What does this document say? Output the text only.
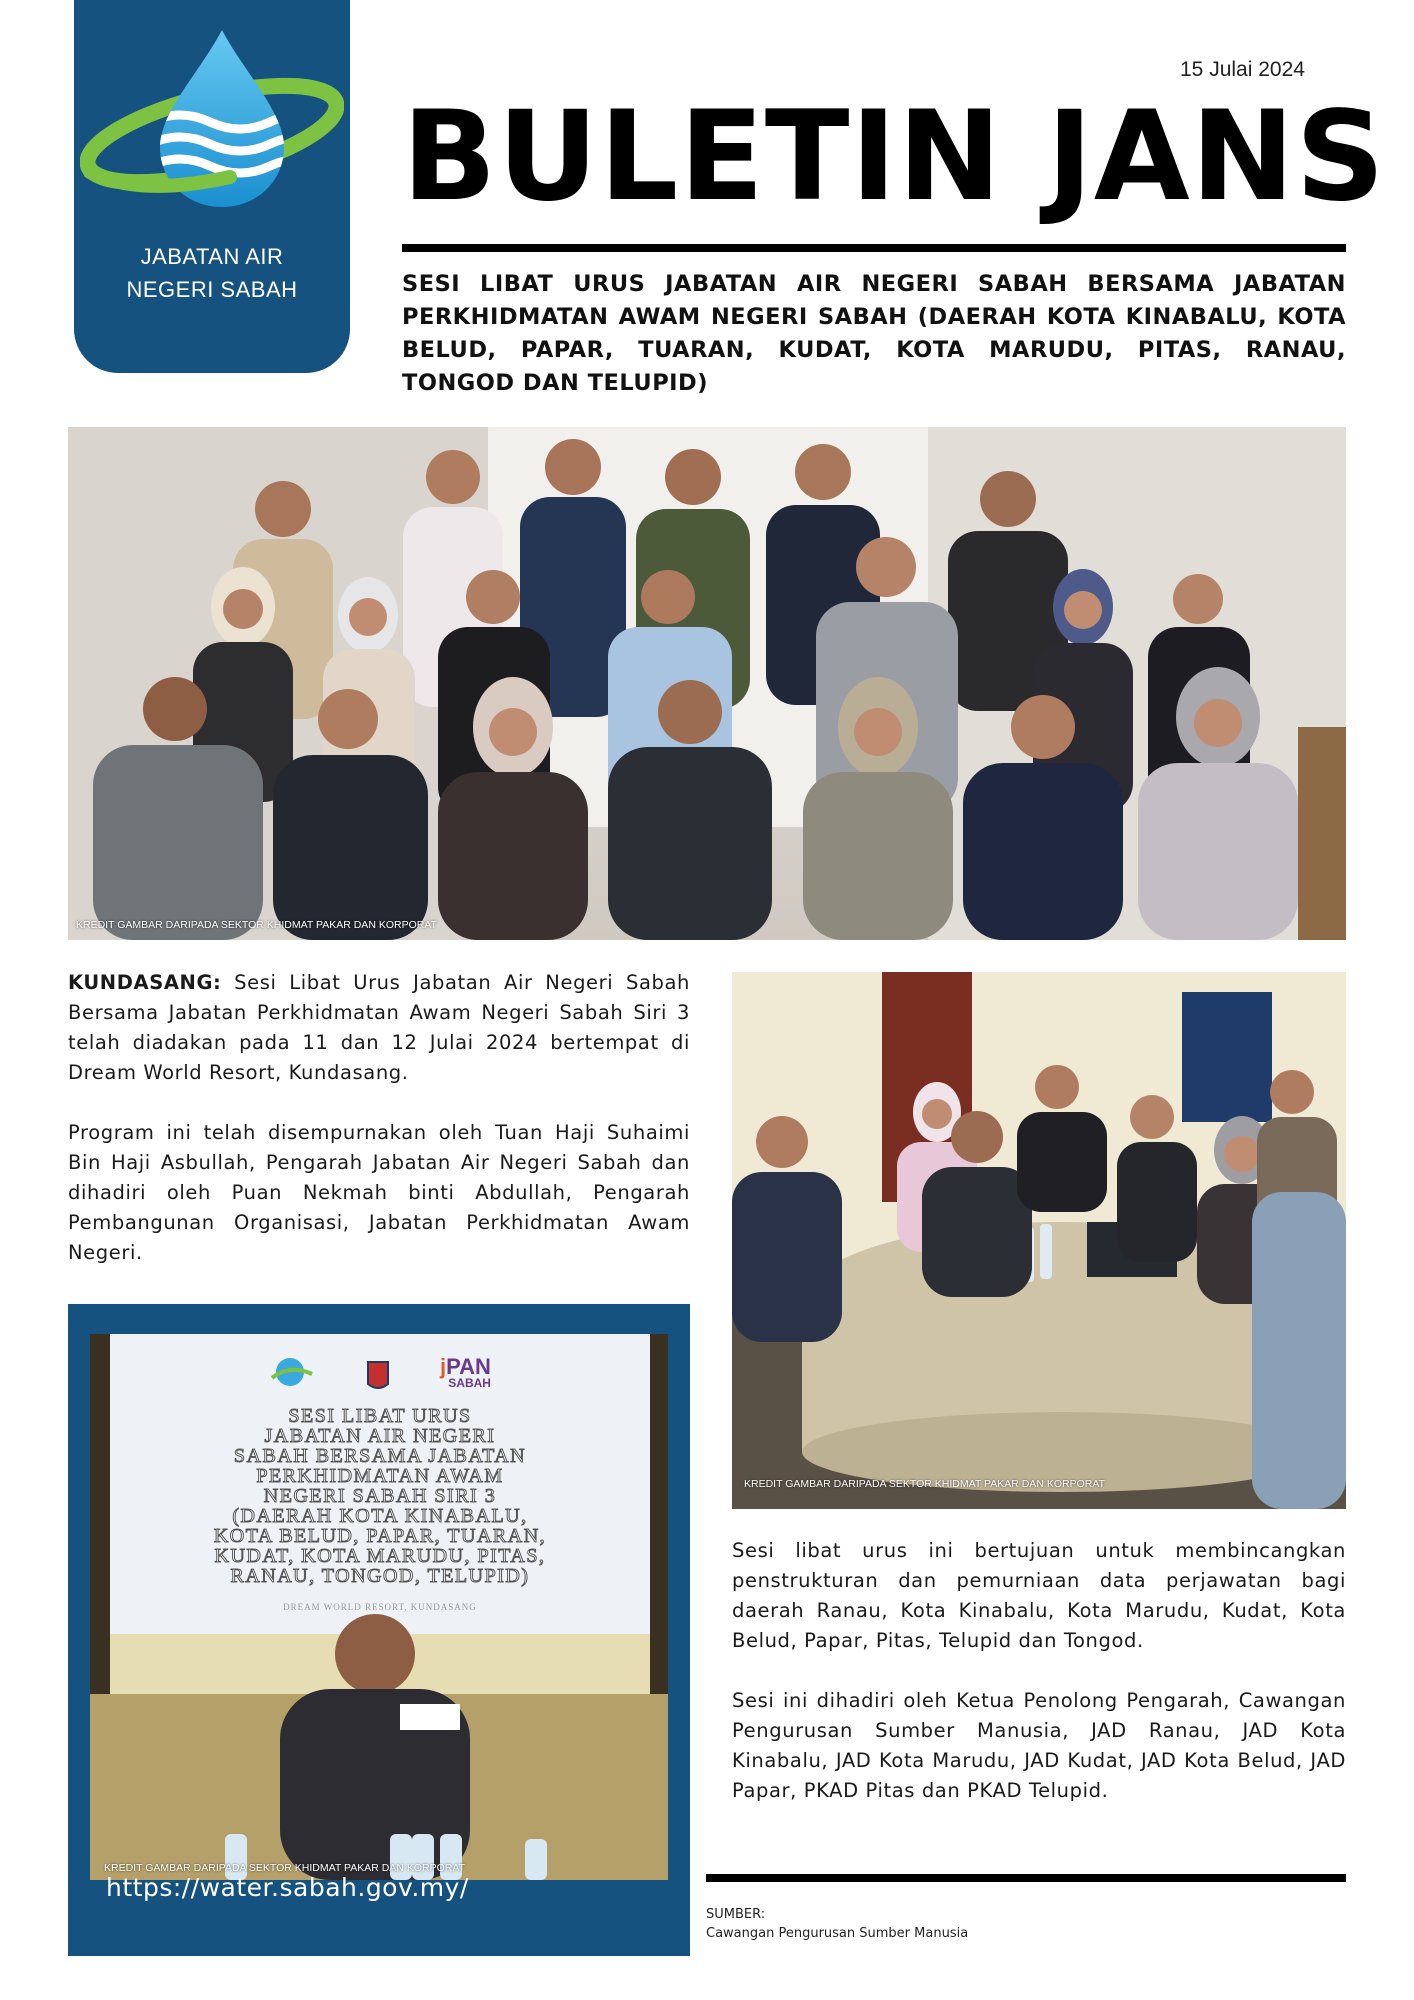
JABATAN AIR
NEGERI SABAH
15 Julai 2024
BULETIN JANS
SESI LIBAT URUS JABATAN AIR NEGERI SABAH BERSAMA JABATAN PERKHIDMATAN AWAM NEGERI SABAH (DAERAH KOTA KINABALU, KOTA BELUD, PAPAR, TUARAN, KUDAT, KOTA MARUDU, PITAS, RANAU, TONGOD DAN TELUPID)
KREDIT GAMBAR DARIPADA SEKTOR KHIDMAT PAKAR DAN KORPORAT

KUNDASANG: Sesi Libat Urus Jabatan Air Negeri Sabah Bersama Jabatan Perkhidmatan Awam Negeri Sabah Siri 3 telah diadakan pada 11 dan 12 Julai 2024 bertempat di Dream World Resort, Kundasang.

Program ini telah disempurnakan oleh Tuan Haji Suhaimi Bin Haji Asbullah, Pengarah Jabatan Air Negeri Sabah dan dihadiri oleh Puan Nekmah binti Abdullah, Pengarah Pembangunan Organisasi, Jabatan Perkhidmatan Awam Negeri.

KREDIT GAMBAR DARIPADA SEKTOR KHIDMAT PAKAR DAN KORPORAT

Sesi libat urus ini bertujuan untuk membincangkan penstrukturan dan pemurniaan data perjawatan bagi daerah Ranau, Kota Kinabalu, Kota Marudu, Kudat, Kota Belud, Papar, Pitas, Telupid dan Tongod.

Sesi ini dihadiri oleh Ketua Penolong Pengarah, Cawangan Pengurusan Sumber Manusia, JAD Ranau, JAD Kota Kinabalu, JAD Kota Marudu, JAD Kudat, JAD Kota Belud, JAD Papar, PKAD Pitas dan PKAD Telupid.

jPAN
SABAH
SESI LIBAT URUS
JABATAN AIR NEGERI
SABAH BERSAMA JABATAN
PERKHIDMATAN AWAM
NEGERI SABAH SIRI 3
(DAERAH KOTA KINABALU,
KOTA BELUD, PAPAR, TUARAN,
KUDAT, KOTA MARUDU, PITAS,
RANAU, TONGOD, TELUPID)
DREAM WORLD RESORT, KUNDASANG
KREDIT GAMBAR DARIPADA SEKTOR KHIDMAT PAKAR DAN KORPORAT
https://water.sabah.gov.my/
SUMBER:
Cawangan Pengurusan Sumber Manusia
